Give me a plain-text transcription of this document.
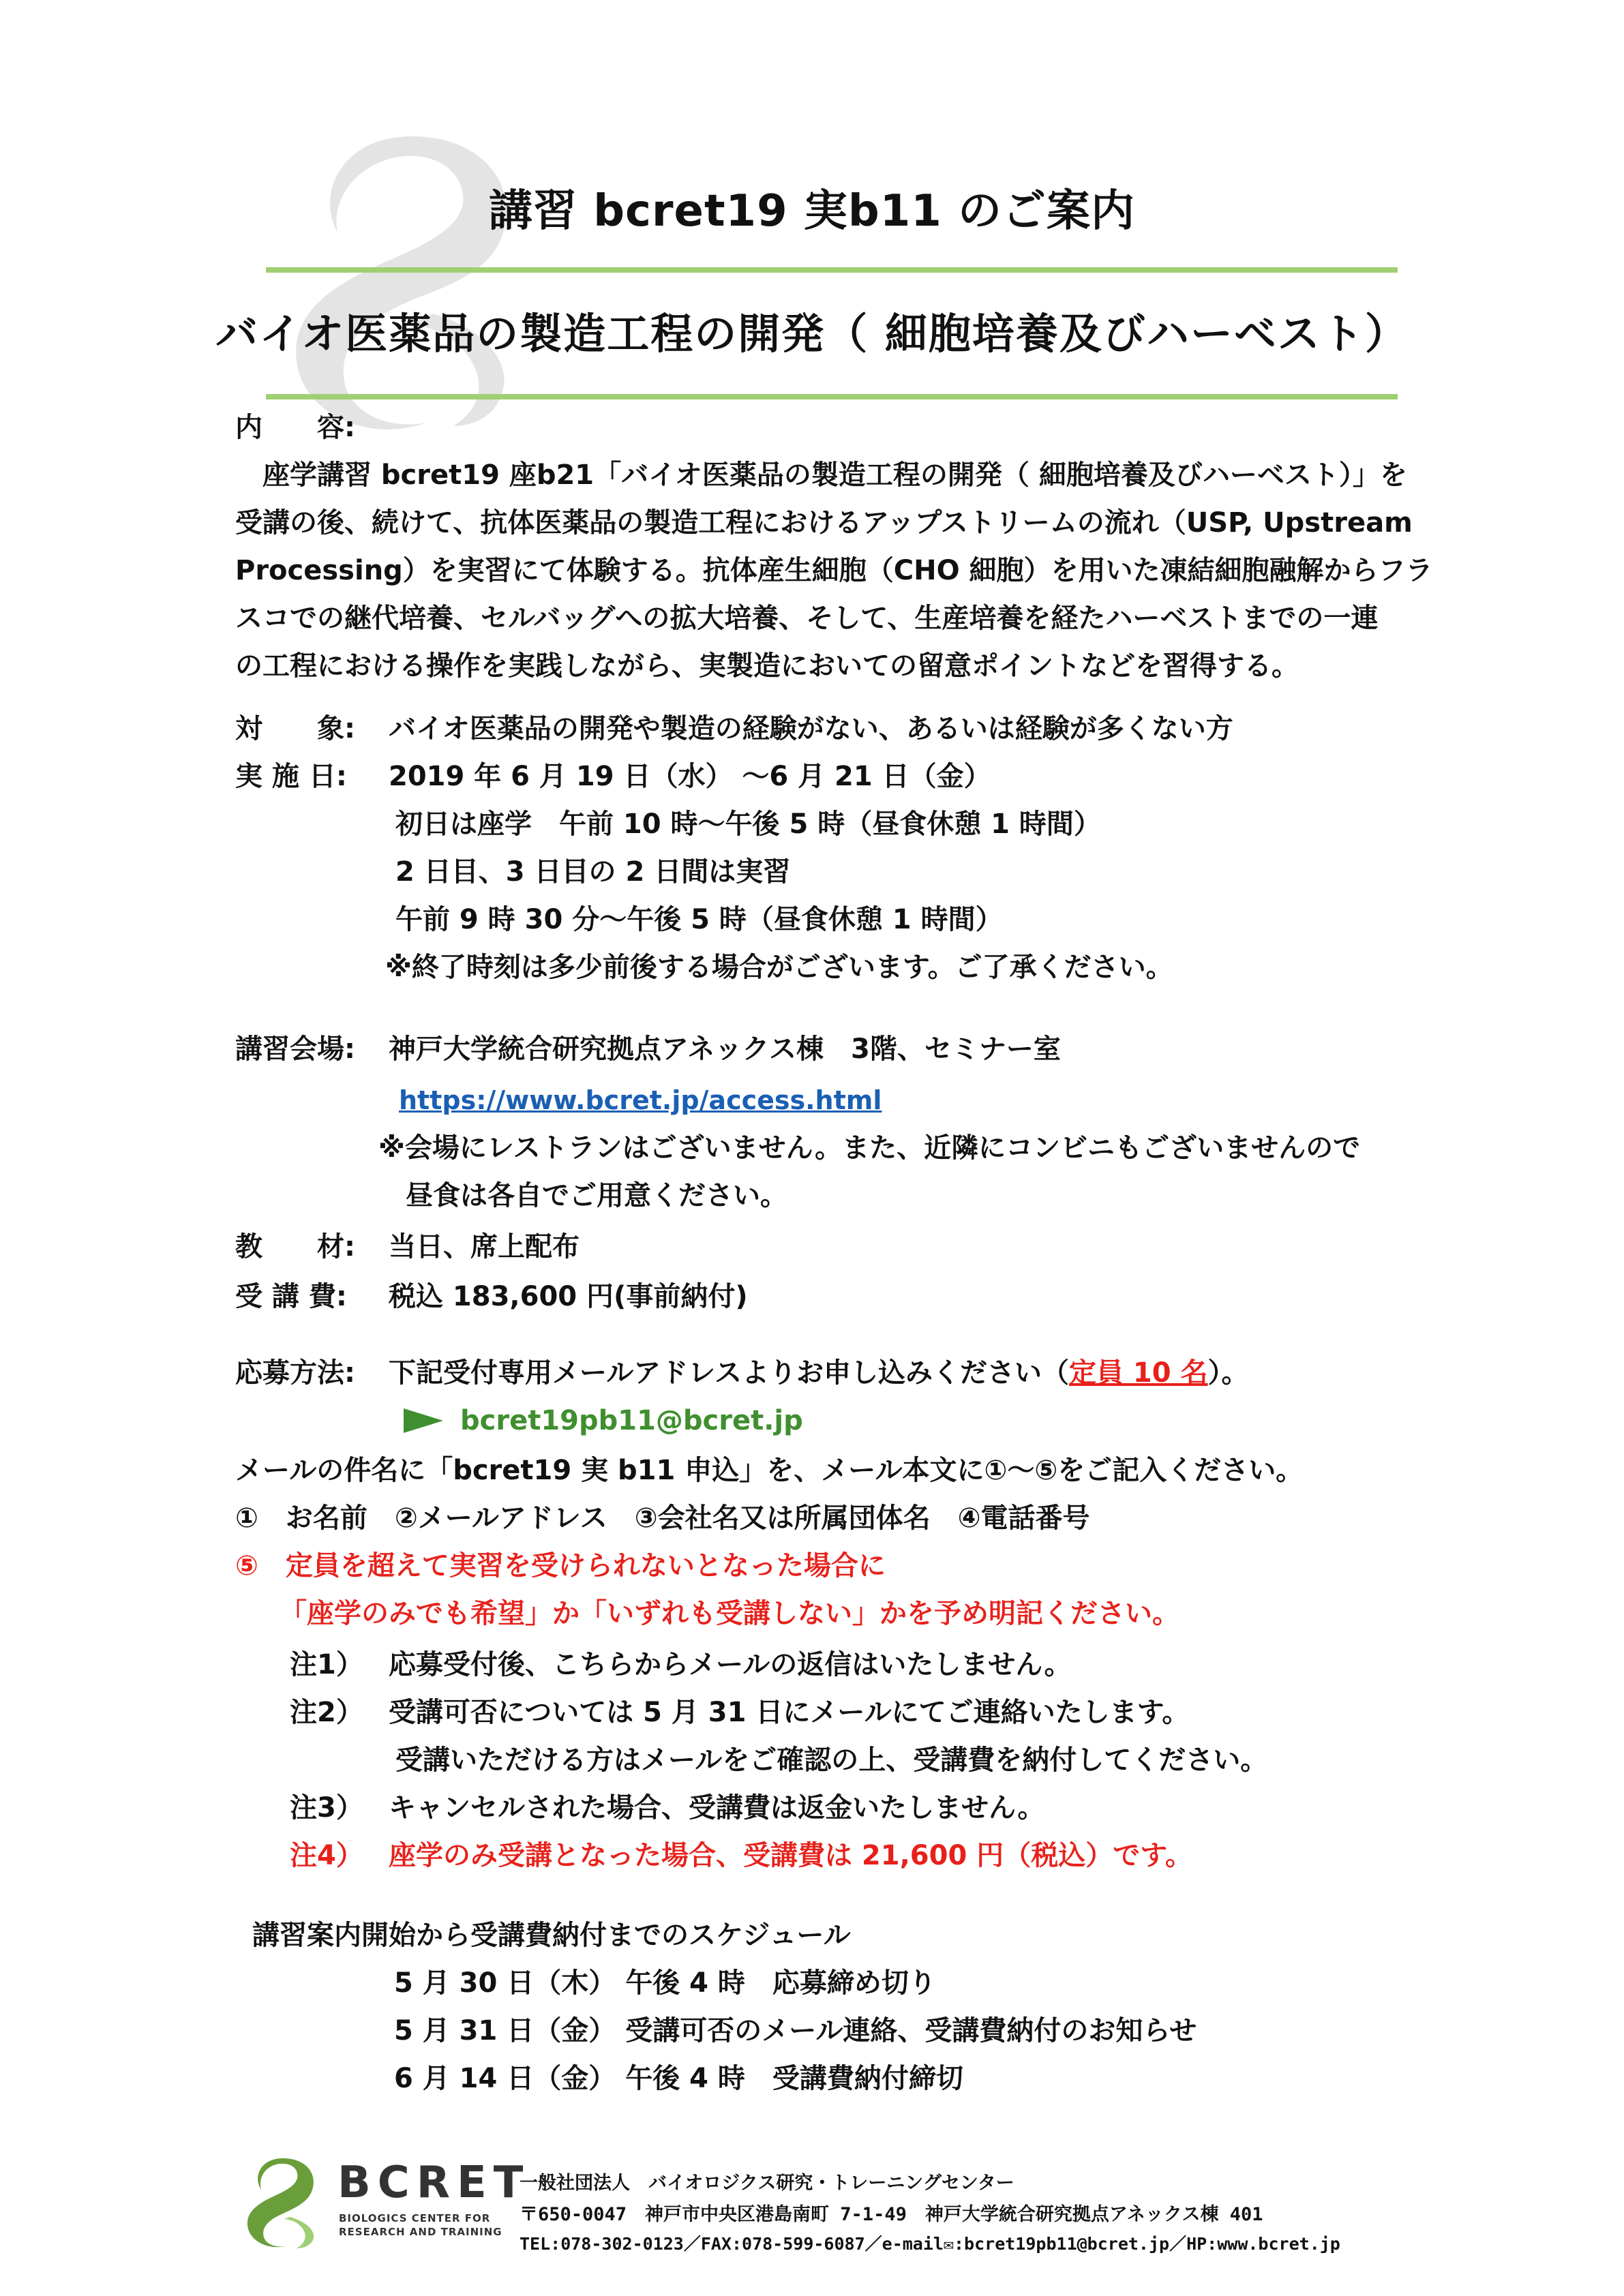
講習 bcret19 実b11 のご案内
バイオ医薬品の製造工程の開発（ 細胞培養及びハーベスト）
内　　容:
　座学講習 bcret19 座b21「バイオ医薬品の製造工程の開発（ 細胞培養及びハーベスト）」を
受講の後、続けて、抗体医薬品の製造工程におけるアップストリームの流れ（USP, Upstream
Processing）を実習にて体験する。抗体産生細胞（CHO 細胞）を用いた凍結細胞融解からフラ
スコでの継代培養、セルバッグへの拡大培養、そして、生産培養を経たハーベストまでの一連
の工程における操作を実践しながら、実製造においての留意ポイントなどを習得する。
対　　象: バイオ医薬品の開発や製造の経験がない、あるいは経験が多くない方
実 施 日: 2019 年 6 月 19 日（水） ～6 月 21 日（金）
初日は座学　午前 10 時～午後 5 時（昼食休憩 1 時間）
2 日目、3 日目の 2 日間は実習
午前 9 時 30 分～午後 5 時（昼食休憩 1 時間）
※終了時刻は多少前後する場合がございます。ご了承ください。
講習会場: 神戸大学統合研究拠点アネックス棟　3階、セミナー室
https://www.bcret.jp/access.html
※会場にレストランはございません。また、近隣にコンビニもございませんので
昼食は各自でご用意ください。
教　　材: 当日、席上配布
受 講 費: 税込 183,600 円(事前納付)
応募方法: 下記受付専用メールアドレスよりお申し込みください（定員 10 名）。
bcret19pb11@bcret.jp
メールの件名に「bcret19 実 b11 申込」を、メール本文に①～⑤をご記入ください。
①　お名前　②メールアドレス　③会社名又は所属団体名　④電話番号
⑤　定員を超えて実習を受けられないとなった場合に
「座学のみでも希望」か「いずれも受講しない」かを予め明記ください。
注1） 応募受付後、こちらからメールの返信はいたしません。
注2） 受講可否については 5 月 31 日にメールにてご連絡いたします。
受講いただける方はメールをご確認の上、受講費を納付してください。
注3） キャンセルされた場合、受講費は返金いたしません。
注4） 座学のみ受講となった場合、受講費は 21,600 円（税込）です。
講習案内開始から受講費納付までのスケジュール
5 月 30 日（木） 午後 4 時　応募締め切り
5 月 31 日（金） 受講可否のメール連絡、受講費納付のお知らせ
6 月 14 日（金） 午後 4 時　受講費納付締切
BCRET
BIOLOGICS CENTER FOR
RESEARCH AND TRAINING
一般社団法人　バイオロジクス研究・トレーニングセンター
〒650-0047　神戸市中央区港島南町 7-1-49　神戸大学統合研究拠点アネックス棟 401
TEL:078-302-0123／FAX:078-599-6087／e-mail✉:bcret19pb11@bcret.jp／HP:www.bcret.jp
